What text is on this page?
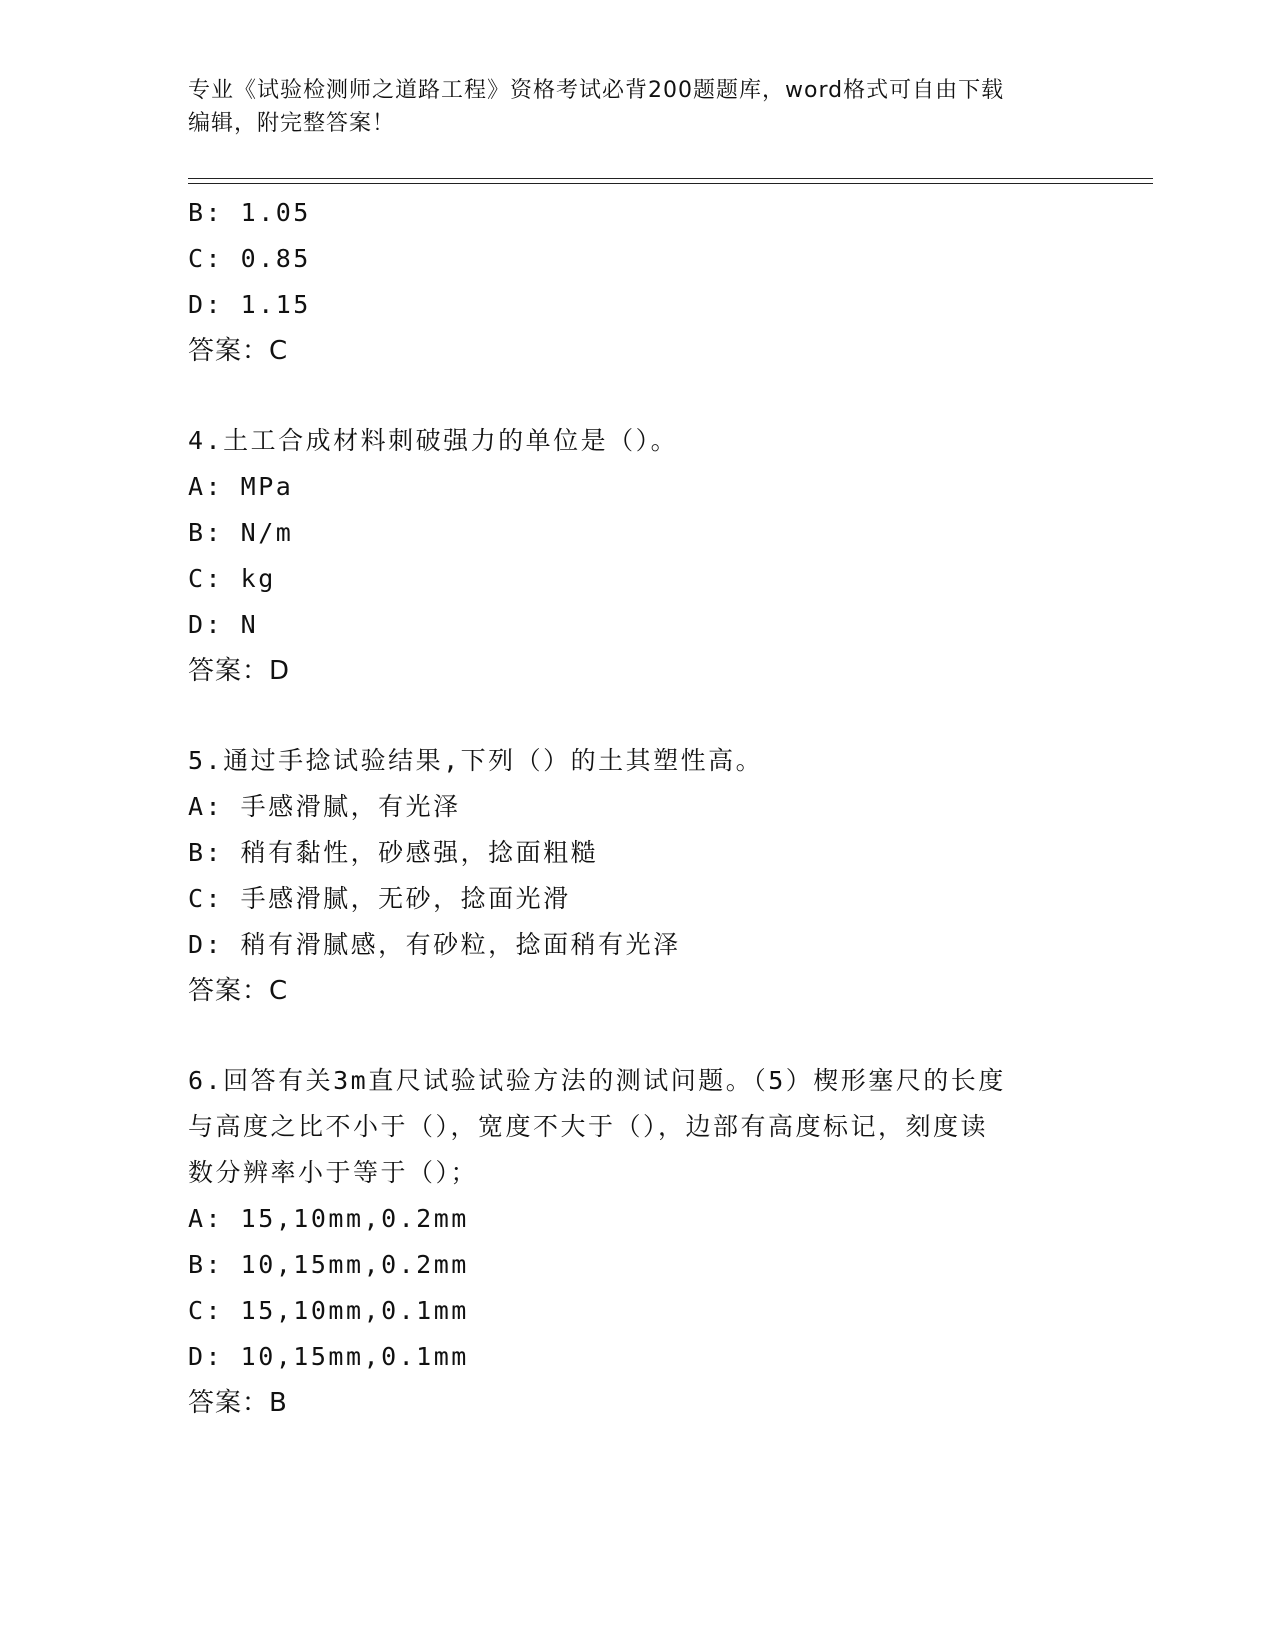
专业《试验检测师之道路工程》资格考试必背200题题库，word格式可自由下载
编辑，附完整答案！
B: 1.05
C: 0.85
D: 1.15
答案：C
4.土工合成材料刺破强力的单位是（）。
A: MPa
B: N/m
C: kg
D: N
答案：D
5.通过手捻试验结果,下列（）的土其塑性高。
A: 手感滑腻，有光泽
B: 稍有黏性，砂感强，捻面粗糙
C: 手感滑腻，无砂，捻面光滑
D: 稍有滑腻感，有砂粒，捻面稍有光泽
答案：C
6.回答有关3m直尺试验试验方法的测试问题。（5）楔形塞尺的长度
与高度之比不小于（），宽度不大于（），边部有高度标记，刻度读
数分辨率小于等于（）；
A: 15,10mm,0.2mm
B: 10,15mm,0.2mm
C: 15,10mm,0.1mm
D: 10,15mm,0.1mm
答案：B
